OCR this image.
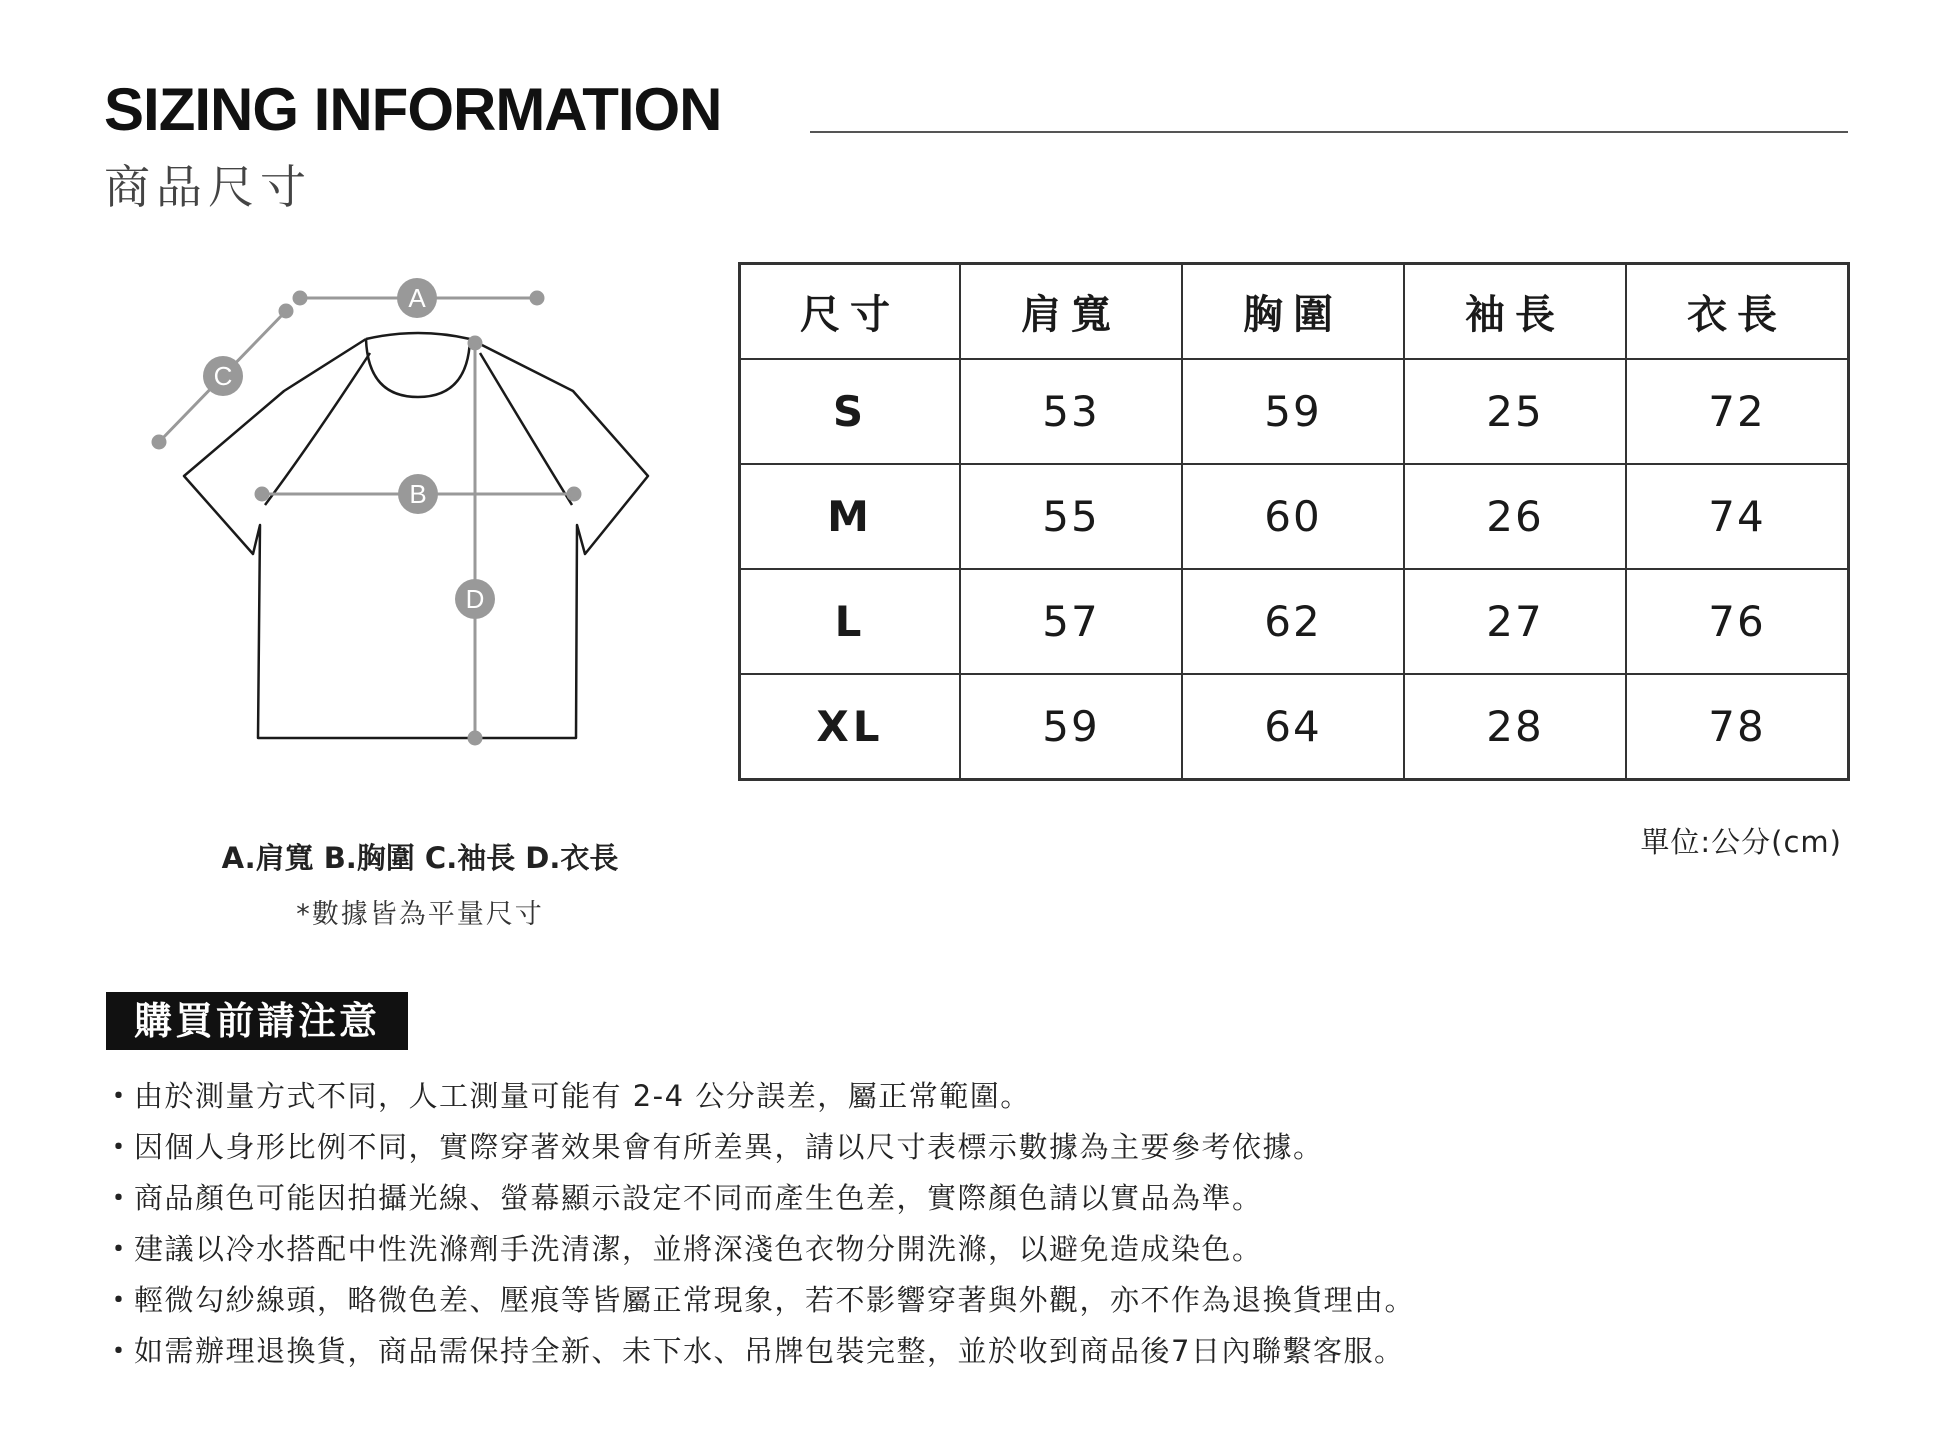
SIZING INFORMATION
商品尺寸
A
C
B
D
A.肩寬 B.胸圍 C.袖長 D.衣長
*數據皆為平量尺寸
尺寸	肩寬	胸圍	袖長	衣長
S	53	59	25	72
M	55	60	26	74
L	57	62	27	76
XL	59	64	28	78
單位:公分(cm)
購買前請注意
・由於測量方式不同，人工測量可能有 2-4 公分誤差，屬正常範圍。
・因個人身形比例不同，實際穿著效果會有所差異，請以尺寸表標示數據為主要參考依據。
・商品顏色可能因拍攝光線、螢幕顯示設定不同而產生色差，實際顏色請以實品為準。
・建議以冷水搭配中性洗滌劑手洗清潔，並將深淺色衣物分開洗滌，以避免造成染色。
・輕微勾紗線頭，略微色差、壓痕等皆屬正常現象，若不影響穿著與外觀，亦不作為退換貨理由。
・如需辦理退換貨，商品需保持全新、未下水、吊牌包裝完整，並於收到商品後7日內聯繫客服。
